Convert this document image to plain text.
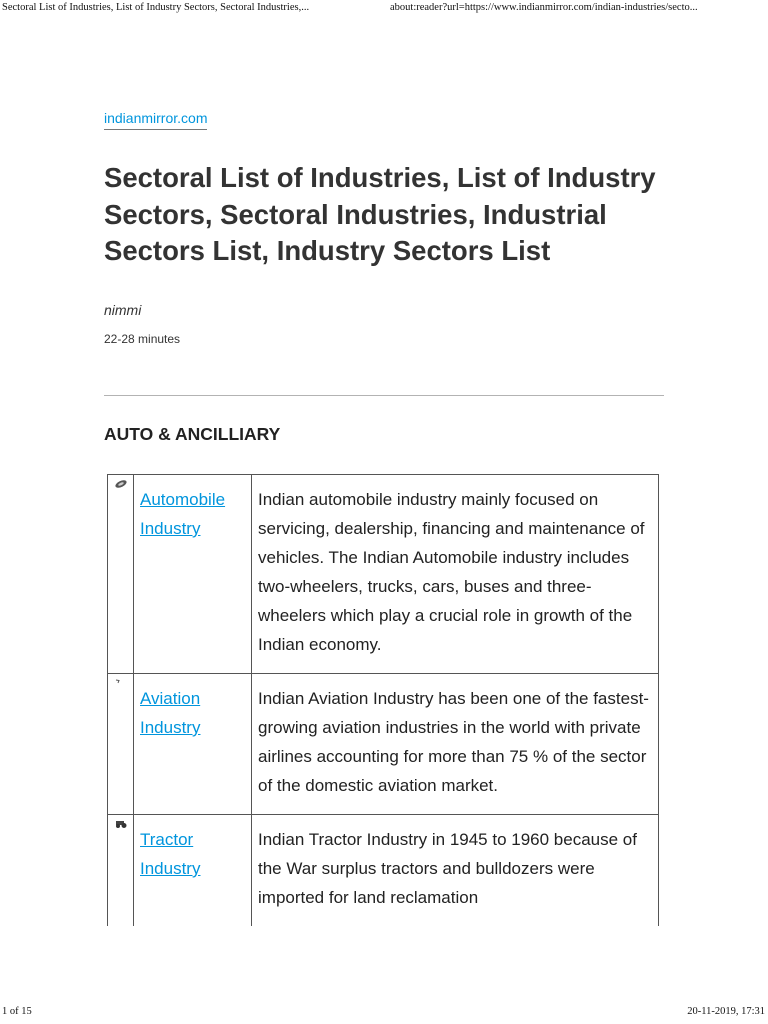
Sectoral List of Industries, List of Industry Sectors, Sectoral Industries,...	about:reader?url=https://www.indianmirror.com/indian-industries/secto...
indianmirror.com
Sectoral List of Industries, List of Industry Sectors, Sectoral Industries, Industrial Sectors List, Industry Sectors List
nimmi
22-28 minutes
AUTO & ANCILLIARY
	Automobile Industry	Indian automobile industry mainly focused on servicing, dealership, financing and maintenance of vehicles. The Indian Automobile industry includes two-wheelers, trucks, cars, buses and three-wheelers which play a crucial role in growth of the Indian economy.

	Aviation Industry	Indian Aviation Industry has been one of the fastest-growing aviation industries in the world with private airlines accounting for more than 75 % of the sector of the domestic aviation market.

	Tractor Industry	Indian Tractor Industry in 1945 to 1960 because of the War surplus tractors and bulldozers were imported for land reclamation
1 of 15	20-11-2019, 17:31
